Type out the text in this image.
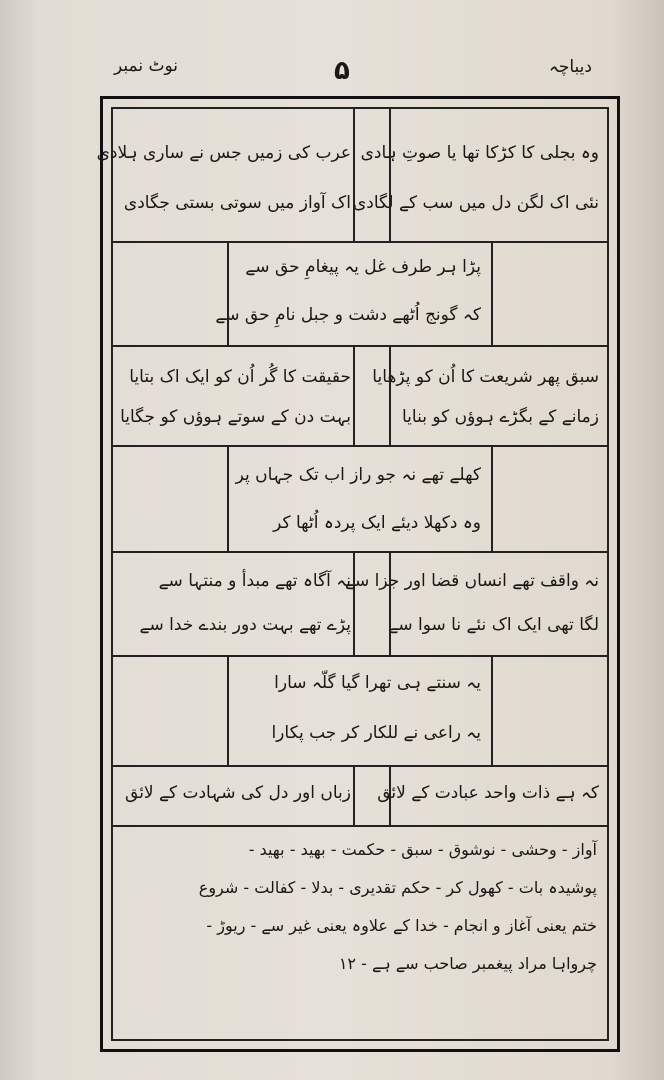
دیباچہ
۵
نوٹ نمبر
وہ بجلی کا کڑکا تھا یا صوتِ ہادی
نئی اک لگن دل میں سب کے لگادی
عرب کی زمیں جس نے ساری ہلادی
اک آواز میں سوتی بستی جگادی
پڑا ہر طرف غل یہ پیغامِ حق سے
کہ گونج اُٹھے دشت و جبل نامِ حق سے
سبق پھر شریعت کا اُن کو پڑھایا
زمانے کے بگڑے ہوؤں کو بنایا
حقیقت کا گُر اُن کو ایک اک بتایا
بہت دن کے سوتے ہوؤں کو جگایا
کھلے تھے نہ جو راز اب تک جہاں پر
وہ دکھلا دیئے ایک پردہ اُٹھا کر
نہ واقف تھے انساں قضا اور جزا سے
لگا تھی ایک اک نئے نا سوا سے
نہ آگاہ تھے مبدأ و منتہا سے
پڑے تھے بہت دور بندے خدا سے
یہ سنتے ہی تھرا گیا گلّہ سارا
یہ راعی نے للکار کر جب پکارا
کہ ہے ذات واحد عبادت کے لائق
زباں اور دل کی شہادت کے لائق
آواز - وحشی - نوشوق - سبق - حکمت - بھید - بھید -
پوشیدہ بات - کھول کر - حکم تقدیری - بدلا - کفالت - شروع
ختم یعنی آغاز و انجام - خدا کے علاوہ یعنی غیر سے - ریوڑ -
چرواہا مراد پیغمبر صاحب سے ہے - ۱۲
